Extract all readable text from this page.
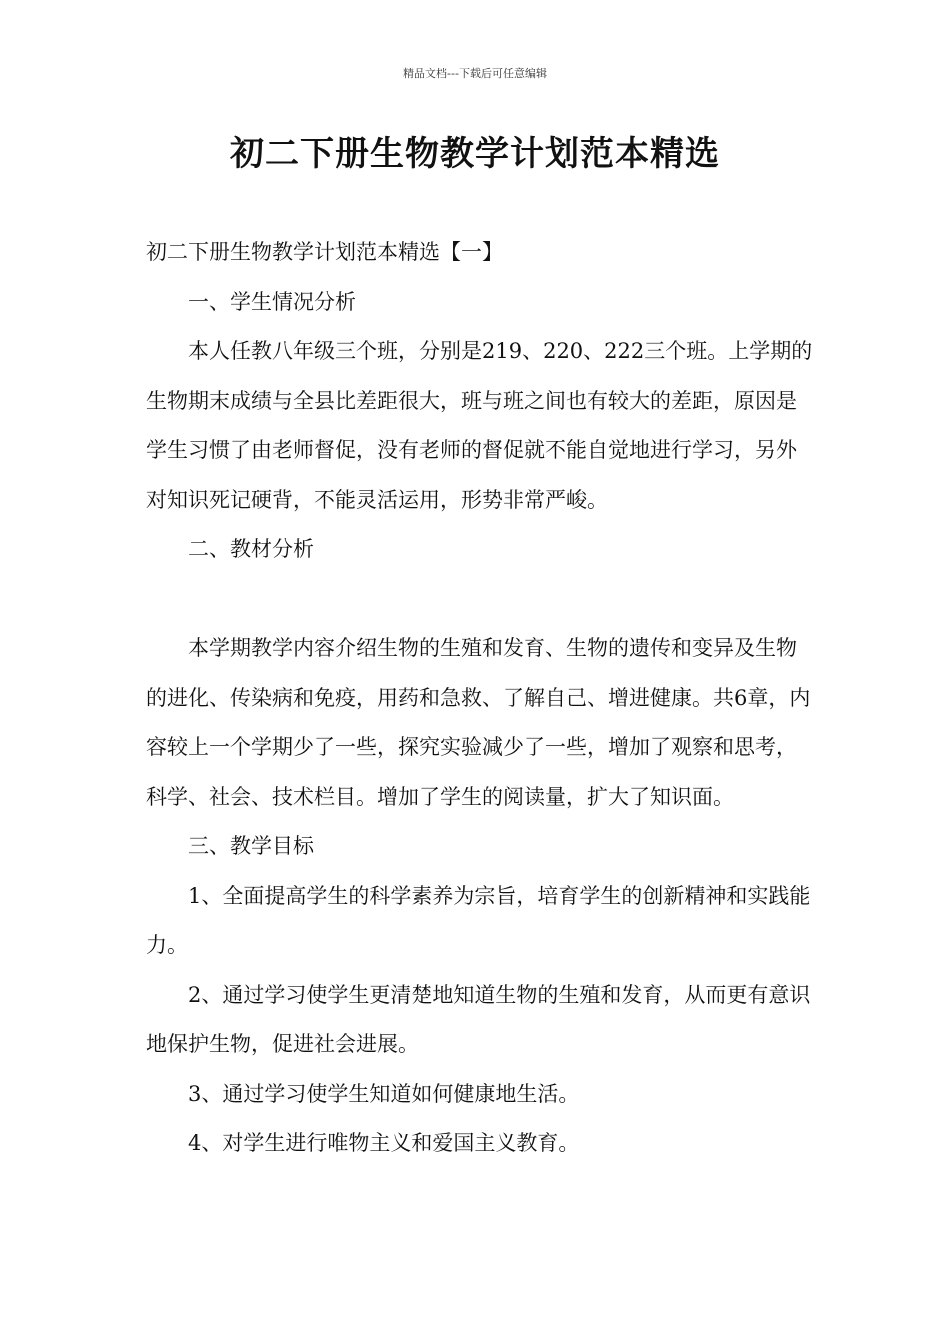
精品文档---下载后可任意编辑
初二下册生物教学计划范本精选

初二下册生物教学计划范本精选【一】

一、学生情况分析

本人任教八年级三个班，分别是219、220、222三个班。上学期的生物期末成绩与全县比差距很大，班与班之间也有较大的差距，原因是学生习惯了由老师督促，没有老师的督促就不能自觉地进行学习，另外对知识死记硬背，不能灵活运用，形势非常严峻。

二、教材分析

本学期教学内容介绍生物的生殖和发育、生物的遗传和变异及生物的进化、传染病和免疫，用药和急救、了解自己、增进健康。共6章，内容较上一个学期少了一些，探究实验减少了一些，增加了观察和思考，科学、社会、技术栏目。增加了学生的阅读量，扩大了知识面。

三、教学目标

1、全面提高学生的科学素养为宗旨，培育学生的创新精神和实践能力。

2、通过学习使学生更清楚地知道生物的生殖和发育，从而更有意识地保护生物，促进社会进展。

3、通过学习使学生知道如何健康地生活。

4、对学生进行唯物主义和爱国主义教育。
